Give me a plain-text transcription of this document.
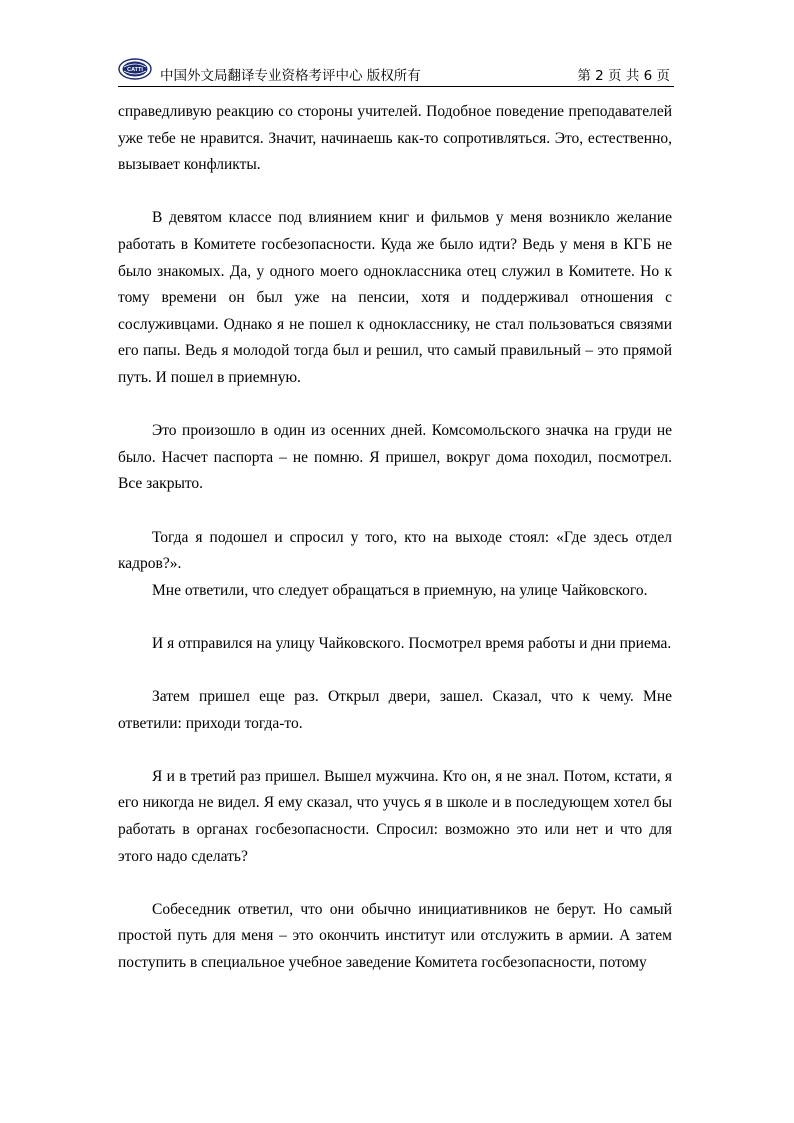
CATTI 中国外文局翻译专业资格考评中心 版权所有	第 2 页 共 6 页

справедливую реакцию со стороны учителей. Подобное поведение преподавателей уже тебе не нравится. Значит, начинаешь как-то сопротивляться. Это, естественно, вызывает конфликты.

В девятом классе под влиянием книг и фильмов у меня возникло желание работать в Комитете госбезопасности. Куда же было идти? Ведь у меня в КГБ не было знакомых. Да, у одного моего одноклассника отец служил в Комитете. Но к тому времени он был уже на пенсии, хотя и поддерживал отношения с сослуживцами. Однако я не пошел к однокласснику, не стал пользоваться связями его папы. Ведь я молодой тогда был и решил, что самый правильный – это прямой путь. И пошел в приемную.

Это произошло в один из осенних дней. Комсомольского значка на груди не было. Насчет паспорта – не помню. Я пришел, вокруг дома походил, посмотрел. Все закрыто.

Тогда я подошел и спросил у того, кто на выходе стоял: «Где здесь отдел кадров?».

Мне ответили, что следует обращаться в приемную, на улице Чайковского.

И я отправился на улицу Чайковского. Посмотрел время работы и дни приема.

Затем пришел еще раз. Открыл двери, зашел. Сказал, что к чему. Мне ответили: приходи тогда-то.

Я и в третий раз пришел. Вышел мужчина. Кто он, я не знал. Потом, кстати, я его никогда не видел. Я ему сказал, что учусь я в школе и в последующем хотел бы работать в органах госбезопасности. Спросил: возможно это или нет и что для этого надо сделать?

Собеседник ответил, что они обычно инициативников не берут. Но самый простой путь для меня – это окончить институт или отслужить в армии. А затем поступить в специальное учебное заведение Комитета госбезопасности, потому
